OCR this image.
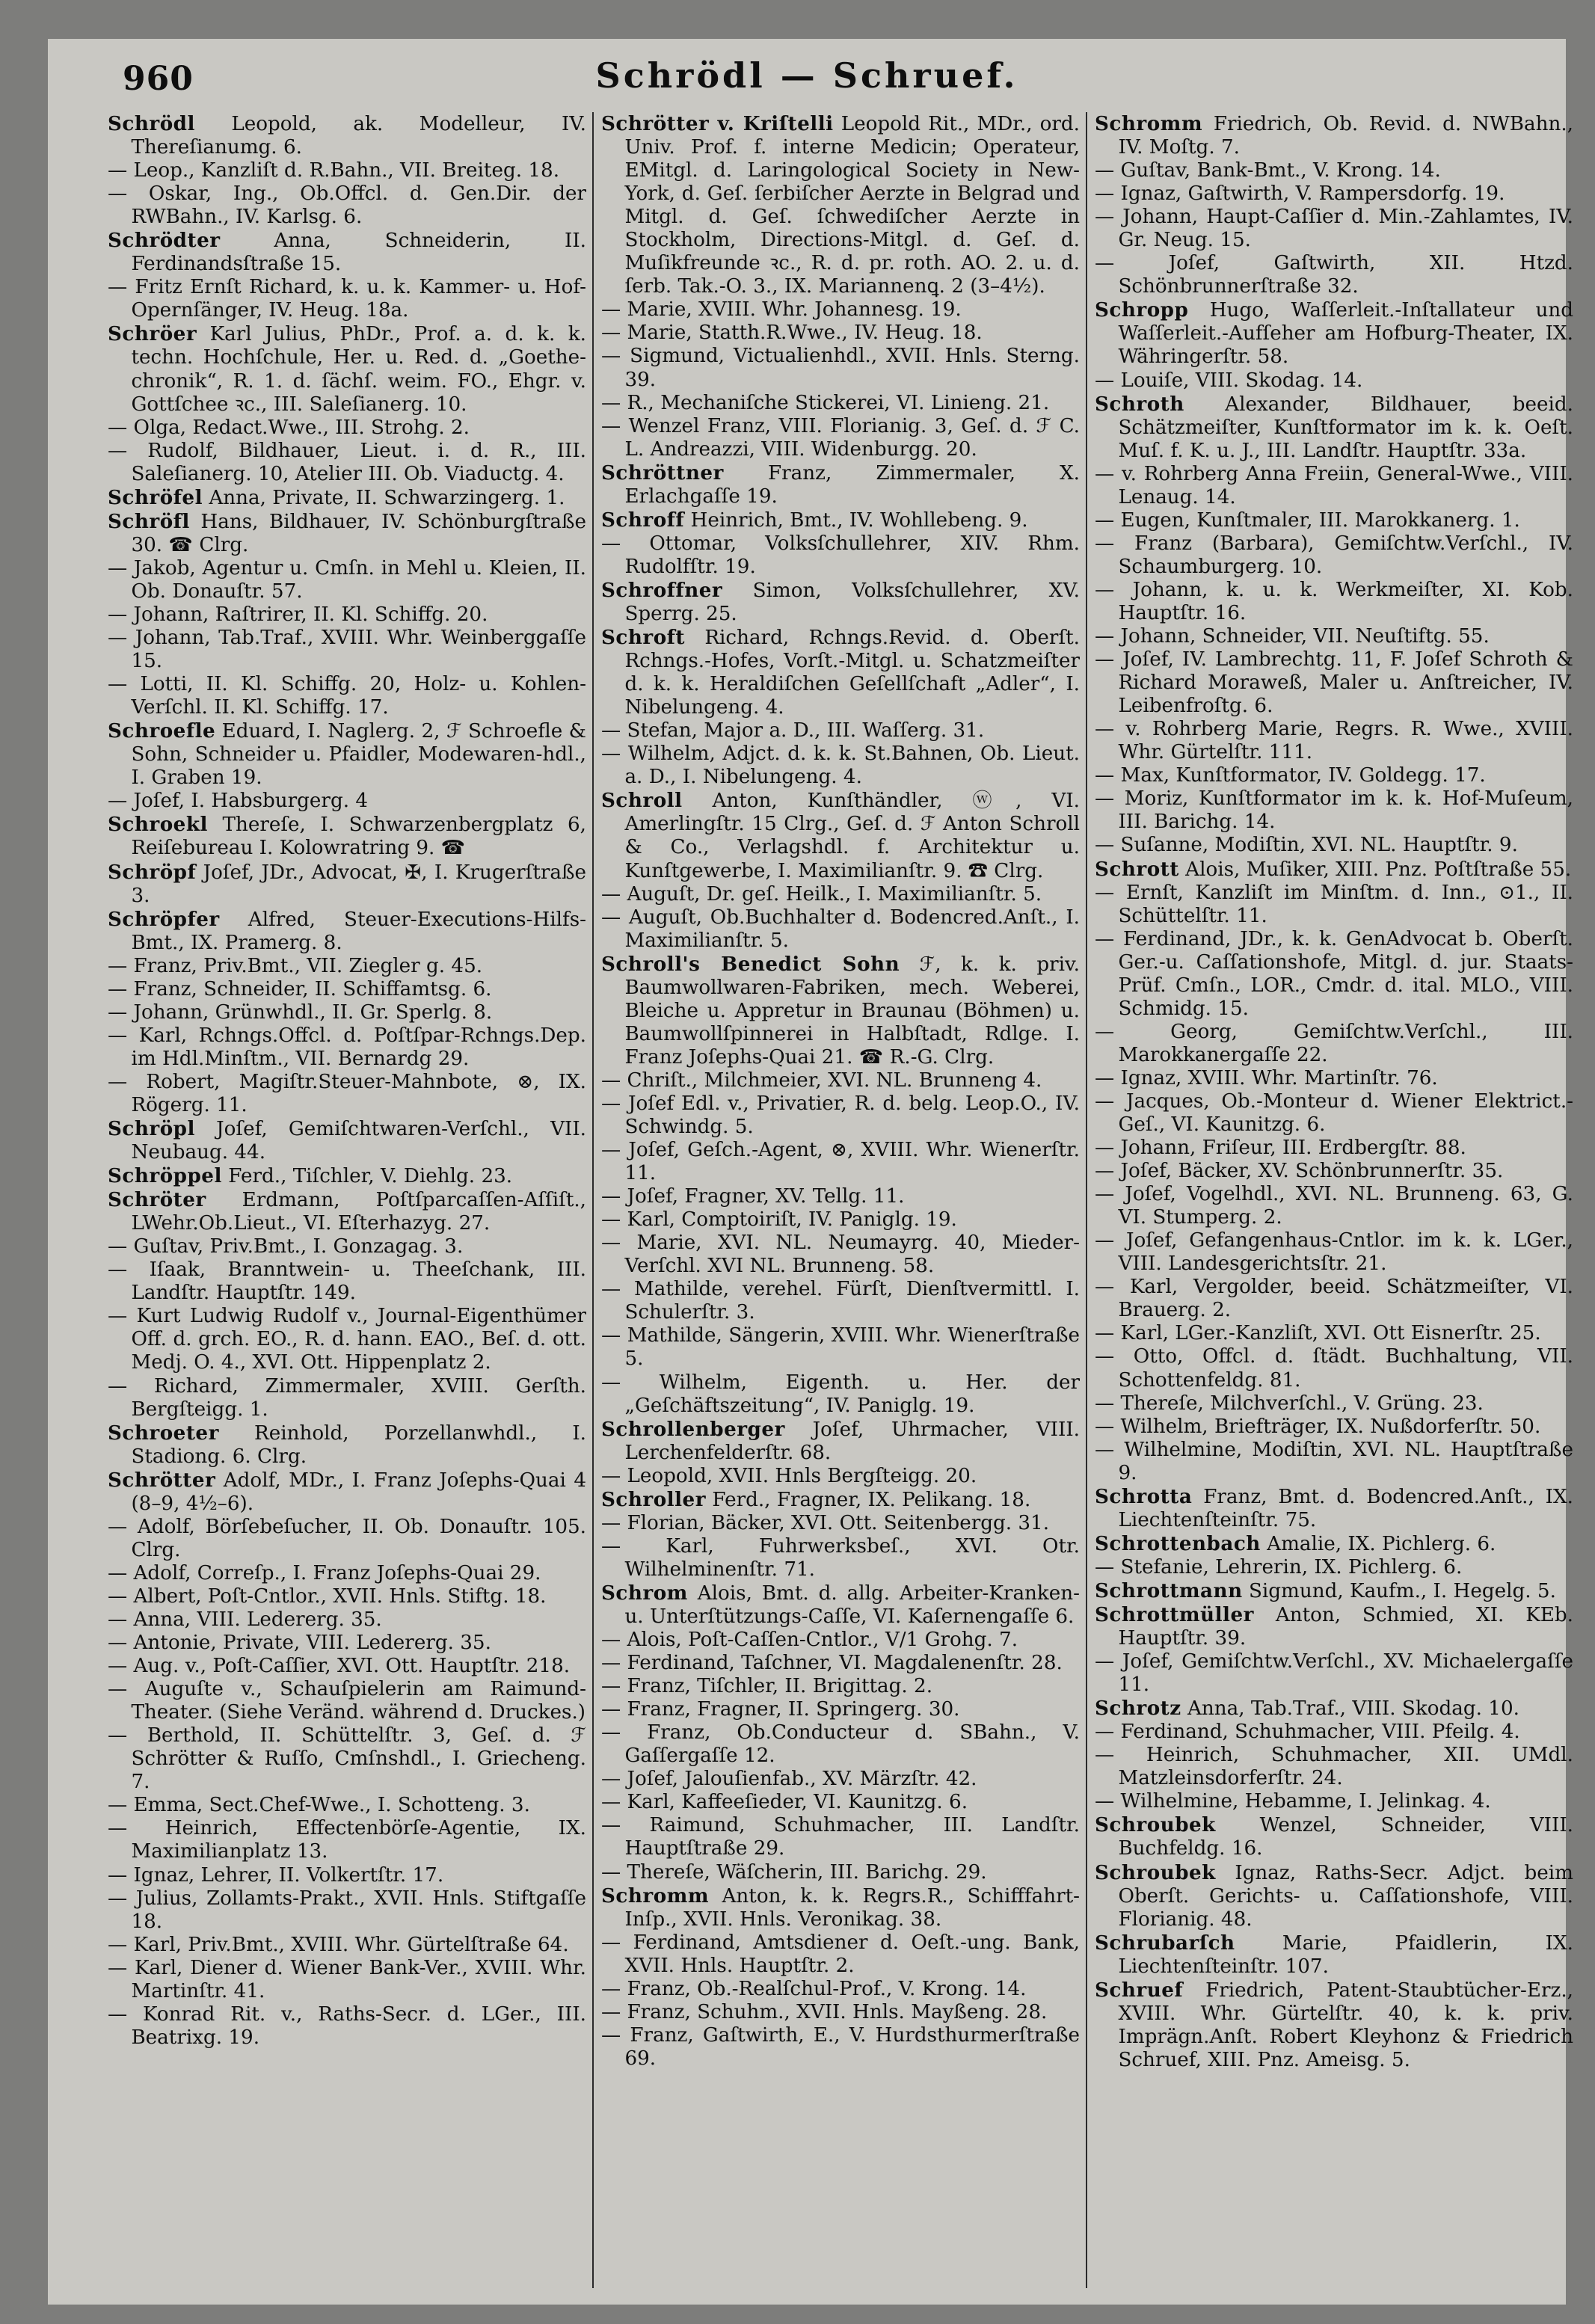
960	Schrödl — Schruef.

Schrödl Leopold, ak. Modelleur, IV. Thereſianumg. 6.

— Leop., Kanzliſt d. R.Bahn., VII. Breiteg. 18.

— Oskar, Ing., Ob.Offcl. d. Gen.Dir. der RWBahn., IV. Karlsg. 6.

Schrödter Anna, Schneiderin, II. Ferdinandsſtraße 15.

— Fritz Ernſt Richard, k. u. k. Kammer- u. Hof-Opernſänger, IV. Heug. 18a.

Schröer Karl Julius, PhDr., Prof. a. d. k. k. techn. Hochſchule, Her. u. Red. d. „Goethe-chronik“, R. 1. d. ſächſ. weim. FO., Ehgr. v. Gottſchee ꝛc., III. Saleſianerg. 10.

— Olga, Redact.Wwe., III. Strohg. 2.

— Rudolf, Bildhauer, Lieut. i. d. R., III. Saleſianerg. 10, Atelier III. Ob. Viaductg. 4.

Schröfel Anna, Private, II. Schwarzingerg. 1.

Schröfl Hans, Bildhauer, IV. Schönburgſtraße 30. ☎ Clrg.

— Jakob, Agentur u. Cmſn. in Mehl u. Kleien, II. Ob. Donauſtr. 57.

— Johann, Raſtrirer, II. Kl. Schiffg. 20.

— Johann, Tab.Traf., XVIII. Whr. Weinberggaſſe 15.

— Lotti, II. Kl. Schiffg. 20, Holz- u. Kohlen-Verſchl. II. Kl. Schiffg. 17.

Schroefle Eduard, I. Naglerg. 2, ℱ Schroefle & Sohn, Schneider u. Pfaidler, Modewaren-hdl., I. Graben 19.

— Joſef, I. Habsburgerg. 4

Schroekl Thereſe, I. Schwarzenbergplatz 6, Reiſebureau I. Kolowratring 9. ☎

Schröpf Joſef, JDr., Advocat, ✠, I. Krugerſtraße 3.

Schröpfer Alfred, Steuer-Executions-Hilfs-Bmt., IX. Pramerg. 8.

— Franz, Priv.Bmt., VII. Ziegler g. 45.

— Franz, Schneider, II. Schiffamtsg. 6.

— Johann, Grünwhdl., II. Gr. Sperlg. 8.

— Karl, Rchngs.Offcl. d. Poſtſpar-Rchngs.Dep. im Hdl.Minſtm., VII. Bernardg 29.

— Robert, Magiſtr.Steuer-Mahnbote, ⊗, IX. Rögerg. 11.

Schröpl Joſef, Gemiſchtwaren-Verſchl., VII. Neubaug. 44.

Schröppel Ferd., Tiſchler, V. Diehlg. 23.

Schröter Erdmann, Poſtſparcaſſen-Aſſiſt., LWehr.Ob.Lieut., VI. Eſterhazyg. 27.

— Guſtav, Priv.Bmt., I. Gonzagag. 3.

— Iſaak, Branntwein- u. Theeſchank, III. Landſtr. Hauptſtr. 149.

— Kurt Ludwig Rudolf v., Journal-Eigenthümer Off. d. grch. EO., R. d. hann. EAO., Beſ. d. ott. Medj. O. 4., XVI. Ott. Hippenplatz 2.

— Richard, Zimmermaler, XVIII. Gerſth. Bergſteigg. 1.

Schroeter Reinhold, Porzellanwhdl., I. Stadiong. 6. Clrg.

Schrötter Adolf, MDr., I. Franz Joſephs-Quai 4 (8–9, 4½–6).

— Adolf, Börſebeſucher, II. Ob. Donauſtr. 105. Clrg.

— Adolf, Correſp., I. Franz Joſephs-Quai 29.

— Albert, Poſt-Cntlor., XVII. Hnls. Stiftg. 18.

— Anna, VIII. Ledererg. 35.

— Antonie, Private, VIII. Ledererg. 35.

— Aug. v., Poſt-Caſſier, XVI. Ott. Hauptſtr. 218.

— Auguſte v., Schauſpielerin am Raimund-Theater. (Siehe Veränd. während d. Druckes.)

— Berthold, II. Schüttelſtr. 3, Geſ. d. ℱ Schrötter & Ruſſo, Cmſnshdl., I. Griecheng. 7.

— Emma, Sect.Chef-Wwe., I. Schotteng. 3.

— Heinrich, Effectenbörſe-Agentie, IX. Maximilianplatz 13.

— Ignaz, Lehrer, II. Volkertſtr. 17.

— Julius, Zollamts-Prakt., XVII. Hnls. Stiftgaſſe 18.

— Karl, Priv.Bmt., XVIII. Whr. Gürtelſtraße 64.

— Karl, Diener d. Wiener Bank-Ver., XVIII. Whr. Martinſtr. 41.

— Konrad Rit. v., Raths-Secr. d. LGer., III. Beatrixg. 19.

Schrötter v. Kriſtelli Leopold Rit., MDr., ord. Univ. Prof. f. interne Medicin; Operateur, EMitgl. d. Laringological Society in New-York, d. Geſ. ſerbiſcher Aerzte in Belgrad und Mitgl. d. Geſ. ſchwediſcher Aerzte in Stockholm, Directions-Mitgl. d. Geſ. d. Muſikfreunde ꝛc., R. d. pr. roth. AO. 2. u. d. ſerb. Tak.-O. 3., IX. Mariannenꝗ. 2 (3–4½).

— Marie, XVIII. Whr. Johannesg. 19.

— Marie, Statth.R.Wwe., IV. Heug. 18.

— Sigmund, Victualienhdl., XVII. Hnls. Sterng. 39.

— R., Mechaniſche Stickerei, VI. Linieng. 21.

— Wenzel Franz, VIII. Florianig. 3, Geſ. d. ℱ C. L. Andreazzi, VIII. Widenburgg. 20.

Schröttner Franz, Zimmermaler, X. Erlachgaſſe 19.

Schroff Heinrich, Bmt., IV. Wohllebeng. 9.

— Ottomar, Volksſchullehrer, XIV. Rhm. Rudolfſtr. 19.

Schroffner Simon, Volksſchullehrer, XV. Sperrg. 25.

Schroft Richard, Rchngs.Revid. d. Oberſt. Rchngs.-Hofes, Vorſt.-Mitgl. u. Schatzmeiſter d. k. k. Heraldiſchen Geſellſchaft „Adler“, I. Nibelungeng. 4.

— Stefan, Major a. D., III. Waſſerg. 31.

— Wilhelm, Adjct. d. k. k. St.Bahnen, Ob. Lieut. a. D., I. Nibelungeng. 4.

Schroll Anton, Kunſthändler, ⓦ, VI. Amerlingſtr. 15 Clrg., Geſ. d. ℱ Anton Schroll & Co., Verlagshdl. f. Architektur u. Kunſtgewerbe, I. Maximilianſtr. 9. ☎ Clrg.

— Auguſt, Dr. geſ. Heilk., I. Maximilianſtr. 5.

— Auguſt, Ob.Buchhalter d. Bodencred.Anſt., I. Maximilianſtr. 5.

Schroll's Benedict Sohn ℱ, k. k. priv. Baumwollwaren-Fabriken, mech. Weberei, Bleiche u. Appretur in Braunau (Böhmen) u. Baumwollſpinnerei in Halbſtadt, Rdlge. I. Franz Joſephs-Quai 21. ☎ R.-G. Clrg.

— Chriſt., Milchmeier, XVI. NL. Brunneng 4.

— Joſef Edl. v., Privatier, R. d. belg. Leop.O., IV. Schwindg. 5.

— Joſef, Geſch.-Agent, ⊗, XVIII. Whr. Wienerſtr. 11.

— Joſef, Fragner, XV. Tellg. 11.

— Karl, Comptoiriſt, IV. Paniglg. 19.

— Marie, XVI. NL. Neumayrg. 40, Mieder-Verſchl. XVI NL. Brunneng. 58.

— Mathilde, verehel. Fürſt, Dienſtvermittl. I. Schulerſtr. 3.

— Mathilde, Sängerin, XVIII. Whr. Wienerſtraße 5.

— Wilhelm, Eigenth. u. Her. der „Geſchäftszeitung“, IV. Paniglg. 19.

Schrollenberger Joſef, Uhrmacher, VIII. Lerchenfelderſtr. 68.

— Leopold, XVII. Hnls Bergſteigg. 20.

Schroller Ferd., Fragner, IX. Pelikang. 18.

— Florian, Bäcker, XVI. Ott. Seitenbergg. 31.

— Karl, Fuhrwerksbeſ., XVI. Otr. Wilhelminenſtr. 71.

Schrom Alois, Bmt. d. allg. Arbeiter-Kranken- u. Unterſtützungs-Caſſe, VI. Kaſernengaſſe 6.

— Alois, Poſt-Caſſen-Cntlor., V/1 Grohg. 7.

— Ferdinand, Taſchner, VI. Magdalenenſtr. 28.

— Franz, Tiſchler, II. Brigittag. 2.

— Franz, Fragner, II. Springerg. 30.

— Franz, Ob.Conducteur d. SBahn., V. Gaſſergaſſe 12.

— Joſef, Jalouſienfab., XV. Märzſtr. 42.

— Karl, Kaffeeſieder, VI. Kaunitzg. 6.

— Raimund, Schuhmacher, III. Landſtr. Hauptſtraße 29.

— Thereſe, Wäſcherin, III. Barichg. 29.

Schromm Anton, k. k. Regrs.R., Schifffahrt-Inſp., XVII. Hnls. Veronikag. 38.

— Ferdinand, Amtsdiener d. Oeſt.-ung. Bank, XVII. Hnls. Hauptſtr. 2.

— Franz, Ob.-Realſchul-Prof., V. Krong. 14.

— Franz, Schuhm., XVII. Hnls. Mayßeng. 28.

— Franz, Gaſtwirth, E., V. Hurdsthurmerſtraße 69.

Schromm Friedrich, Ob. Revid. d. NWBahn., IV. Moſtg. 7.

— Guſtav, Bank-Bmt., V. Krong. 14.

— Ignaz, Gaſtwirth, V. Rampersdorfg. 19.

— Johann, Haupt-Caſſier d. Min.-Zahlamtes, IV. Gr. Neug. 15.

— Joſef, Gaſtwirth, XII. Htzd. Schönbrunnerſtraße 32.

Schropp Hugo, Waſſerleit.-Inſtallateur und Waſſerleit.-Aufſeher am Hofburg-Theater, IX. Währingerſtr. 58.

— Louiſe, VIII. Skodag. 14.

Schroth Alexander, Bildhauer, beeid. Schätzmeiſter, Kunſtformator im k. k. Oeſt. Muſ. f. K. u. J., III. Landſtr. Hauptſtr. 33a.

— v. Rohrberg Anna Freiin, General-Wwe., VIII. Lenaug. 14.

— Eugen, Kunſtmaler, III. Marokkanerg. 1.

— Franz (Barbara), Gemiſchtw.Verſchl., IV. Schaumburgerg. 10.

— Johann, k. u. k. Werkmeiſter, XI. Kob. Hauptſtr. 16.

— Johann, Schneider, VII. Neuſtiftg. 55.

— Joſef, IV. Lambrechtg. 11, F. Joſef Schroth & Richard Moraweß, Maler u. Anſtreicher, IV. Leibenfroſtg. 6.

— v. Rohrberg Marie, Regrs. R. Wwe., XVIII. Whr. Gürtelſtr. 111.

— Max, Kunſtformator, IV. Goldegg. 17.

— Moriz, Kunſtformator im k. k. Hof-Muſeum, III. Barichg. 14.

— Suſanne, Modiſtin, XVI. NL. Hauptſtr. 9.

Schrott Alois, Muſiker, XIII. Pnz. Poſtſtraße 55.

— Ernſt, Kanzliſt im Minſtm. d. Inn., ⊙1., II. Schüttelſtr. 11.

— Ferdinand, JDr., k. k. GenAdvocat b. Oberſt. Ger.-u. Caſſationshofe, Mitgl. d. jur. Staats-Prüf. Cmſn., LOR., Cmdr. d. ital. MLO., VIII. Schmidg. 15.

— Georg, Gemiſchtw.Verſchl., III. Marokkanergaſſe 22.

— Ignaz, XVIII. Whr. Martinſtr. 76.

— Jacques, Ob.-Monteur d. Wiener Elektrict.-Geſ., VI. Kaunitzg. 6.

— Johann, Friſeur, III. Erdbergſtr. 88.

— Joſef, Bäcker, XV. Schönbrunnerſtr. 35.

— Joſef, Vogelhdl., XVI. NL. Brunneng. 63, G. VI. Stumperg. 2.

— Joſef, Gefangenhaus-Cntlor. im k. k. LGer., VIII. Landesgerichtsſtr. 21.

— Karl, Vergolder, beeid. Schätzmeiſter, VI. Brauerg. 2.

— Karl, LGer.-Kanzliſt, XVI. Ott Eisnerſtr. 25.

— Otto, Offcl. d. ſtädt. Buchhaltung, VII. Schottenfeldg. 81.

— Thereſe, Milchverſchl., V. Grüng. 23.

— Wilhelm, Briefträger, IX. Nußdorferſtr. 50.

— Wilhelmine, Modiſtin, XVI. NL. Hauptſtraße 9.

Schrotta Franz, Bmt. d. Bodencred.Anſt., IX. Liechtenſteinſtr. 75.

Schrottenbach Amalie, IX. Pichlerg. 6.

— Stefanie, Lehrerin, IX. Pichlerg. 6.

Schrottmann Sigmund, Kaufm., I. Hegelg. 5.

Schrottmüller Anton, Schmied, XI. KEb. Hauptſtr. 39.

— Joſef, Gemiſchtw.Verſchl., XV. Michaelergaſſe 11.

Schrotz Anna, Tab.Traf., VIII. Skodag. 10.

— Ferdinand, Schuhmacher, VIII. Pfeilg. 4.

— Heinrich, Schuhmacher, XII. UMdl. Matzleinsdorferſtr. 24.

— Wilhelmine, Hebamme, I. Jelinkag. 4.

Schroubek Wenzel, Schneider, VIII. Buchfeldg. 16.

Schroubek Ignaz, Raths-Secr. Adjct. beim Oberſt. Gerichts- u. Caſſationshofe, VIII. Florianig. 48.

Schrubarſch Marie, Pfaidlerin, IX. Liechtenſteinſtr. 107.

Schruef Friedrich, Patent-Staubtücher-Erz., XVIII. Whr. Gürtelſtr. 40, k. k. priv. Imprägn.Anſt. Robert Kleyhonz & Friedrich Schruef, XIII. Pnz. Ameisg. 5.
